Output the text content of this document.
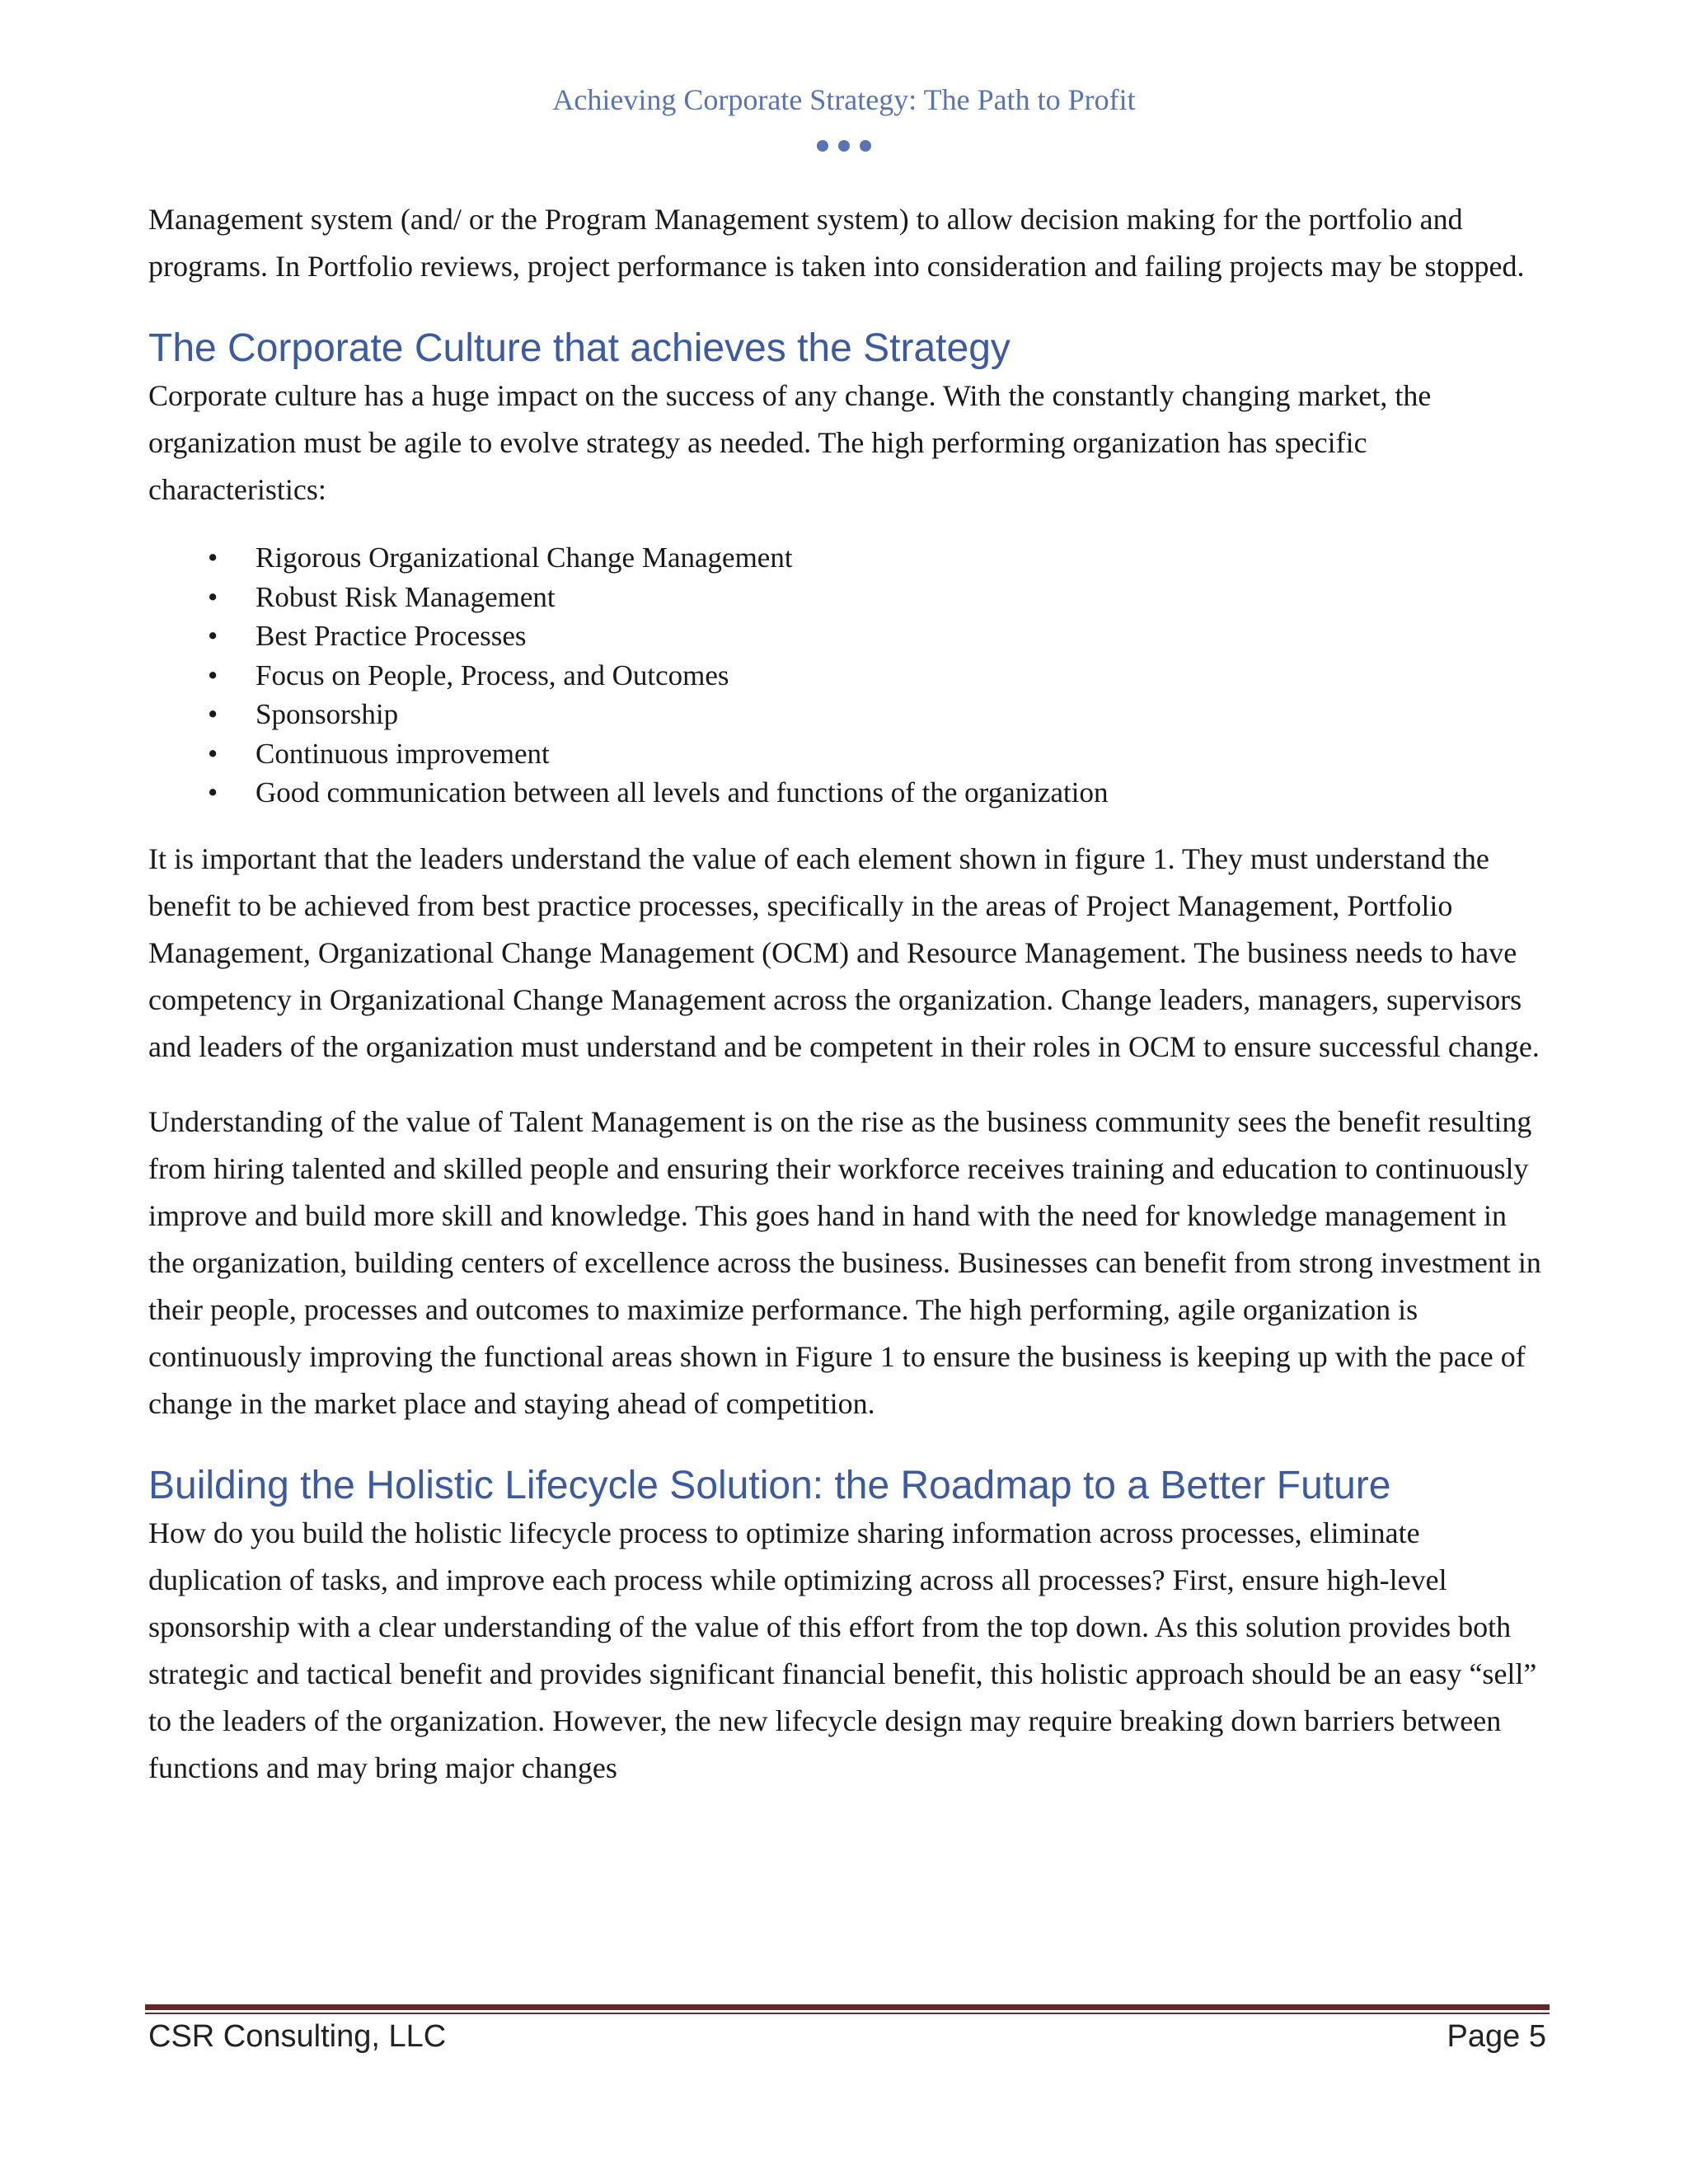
Achieving Corporate Strategy: The Path to Profit

Management system (and/ or the Program Management system) to allow decision making for the portfolio and programs. In Portfolio reviews, project performance is taken into consideration and failing projects may be stopped.

The Corporate Culture that achieves the Strategy

Corporate culture has a huge impact on the success of any change. With the constantly changing market, the organization must be agile to evolve strategy as needed. The high performing organization has specific characteristics:

• Rigorous Organizational Change Management
• Robust Risk Management
• Best Practice Processes
• Focus on People, Process, and Outcomes
• Sponsorship
• Continuous improvement
• Good communication between all levels and functions of the organization

It is important that the leaders understand the value of each element shown in figure 1. They must understand the benefit to be achieved from best practice processes, specifically in the areas of Project Management, Portfolio Management, Organizational Change Management (OCM) and Resource Management. The business needs to have competency in Organizational Change Management across the organization. Change leaders, managers, supervisors and leaders of the organization must understand and be competent in their roles in OCM to ensure successful change.

Understanding of the value of Talent Management is on the rise as the business community sees the benefit resulting from hiring talented and skilled people and ensuring their workforce receives training and education to continuously improve and build more skill and knowledge. This goes hand in hand with the need for knowledge management in the organization, building centers of excellence across the business. Businesses can benefit from strong investment in their people, processes and outcomes to maximize performance. The high performing, agile organization is continuously improving the functional areas shown in Figure 1 to ensure the business is keeping up with the pace of change in the market place and staying ahead of competition.

Building the Holistic Lifecycle Solution: the Roadmap to a Better Future

How do you build the holistic lifecycle process to optimize sharing information across processes, eliminate duplication of tasks, and improve each process while optimizing across all processes? First, ensure high-level sponsorship with a clear understanding of the value of this effort from the top down. As this solution provides both strategic and tactical benefit and provides significant financial benefit, this holistic approach should be an easy “sell” to the leaders of the organization. However, the new lifecycle design may require breaking down barriers between functions and may bring major changes

CSR Consulting, LLC	Page 5
